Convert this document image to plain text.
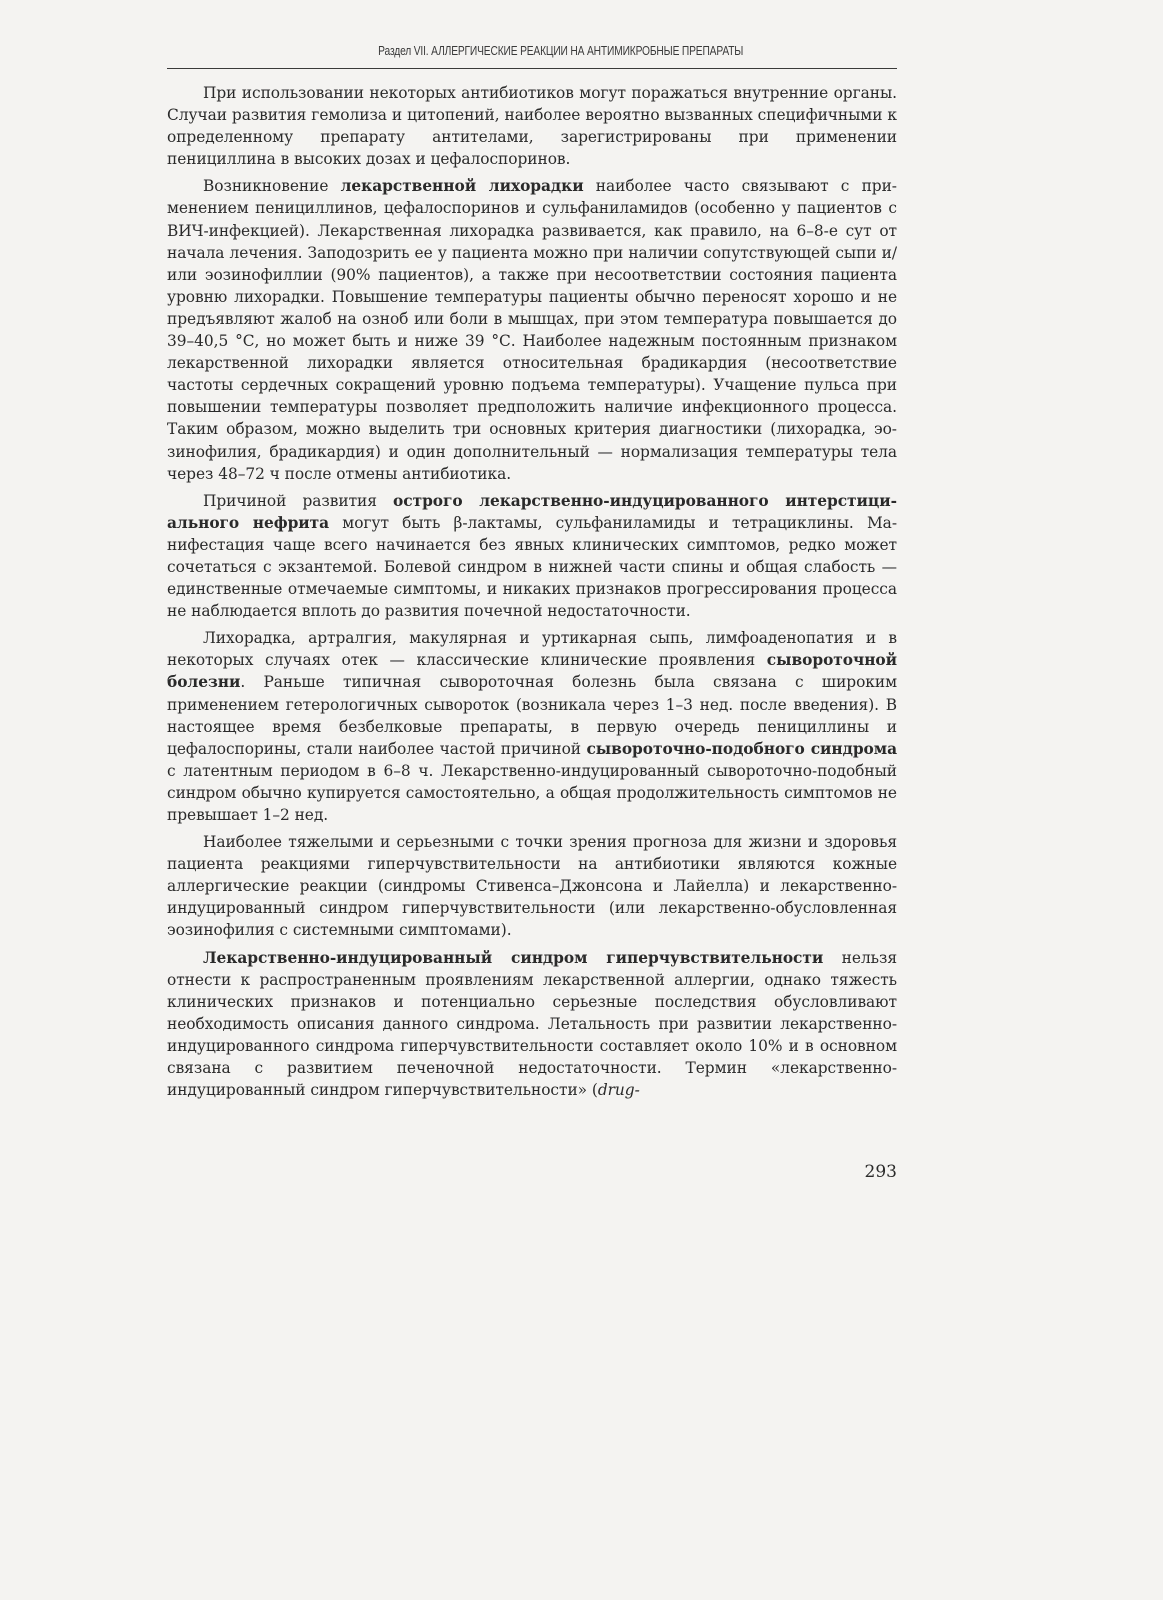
Раздел VII. АЛЛЕРГИЧЕСКИЕ РЕАКЦИИ НА АНТИМИКРОБНЫЕ ПРЕПАРАТЫ

При использовании некоторых антибиотиков могут поражаться внутренние органы. Случаи развития гемолиза и цитопений, наиболее вероятно вызванных специфичными к определенному препарату антителами, зарегистрированы при применении пенициллина в высоких дозах и цефалоспоринов.

Возникновение лекарственной лихорадки наиболее часто связывают с применением пенициллинов, цефалоспоринов и сульфаниламидов (особенно у пациентов с ВИЧ-инфекцией). Лекарственная лихорадка развивается, как правило, на 6–8-е сут от начала лечения. Заподозрить ее у пациента можно при наличии сопутствующей сыпи и/или эозинофиллии (90% пациентов), а также при несоответствии состояния пациента уровню лихорадки. Повышение температуры пациенты обычно переносят хорошо и не предъявляют жалоб на озноб или боли в мышцах, при этом температура повышается до 39–40,5 °С, но может быть и ниже 39 °С. Наиболее надежным постоянным признаком лекарственной лихорадки является относительная брадикардия (несоответствие частоты сердечных сокращений уровню подъема температуры). Учащение пульса при повышении температуры позволяет предположить наличие инфекционного процесса. Таким образом, можно выделить три основных критерия диагностики (лихорадка, эозинофилия, брадикардия) и один дополнительный — нормализация температуры тела через 48–72 ч после отмены антибиотика.

Причиной развития острого лекарственно-индуцированного интерстициального нефрита могут быть β-лактамы, сульфаниламиды и тетрациклины. Манифестация чаще всего начинается без явных клинических симптомов, редко может сочетаться с экзантемой. Болевой синдром в нижней части спины и общая слабость — единственные отмечаемые симптомы, и никаких признаков прогрессирования процесса не наблюдается вплоть до развития почечной недостаточности.

Лихорадка, артралгия, макулярная и уртикарная сыпь, лимфоаденопатия и в некоторых случаях отек — классические клинические проявления сывороточной болезни. Раньше типичная сывороточная болезнь была связана с широким применением гетерологичных сывороток (возникала через 1–3 нед. после введения). В настоящее время безбелковые препараты, в первую очередь пенициллины и цефалоспорины, стали наиболее частой причиной сывороточно-подобного синдрома с латентным периодом в 6–8 ч. Лекарственно-индуцированный сывороточно-подобный синдром обычно купируется самостоятельно, а общая продолжительность симптомов не превышает 1–2 нед.

Наиболее тяжелыми и серьезными с точки зрения прогноза для жизни и здоровья пациента реакциями гиперчувствительности на антибиотики являются кожные аллергические реакции (синдромы Стивенса–Джонсона и Лайелла) и лекарственно-индуцированный синдром гиперчувствительности (или лекарственно-обусловленная эозинофилия с системными симптомами).

Лекарственно-индуцированный синдром гиперчувствительности нельзя отнести к распространенным проявлениям лекарственной аллергии, однако тяжесть клинических признаков и потенциально серьезные последствия обусловливают необходимость описания данного синдрома. Летальность при развитии лекарственно-индуцированного синдрома гиперчувствительности составляет около 10% и в основном связана с развитием печеночной недостаточности. Термин «лекарственно-индуцированный синдром гиперчувствительности» (drug-

293
